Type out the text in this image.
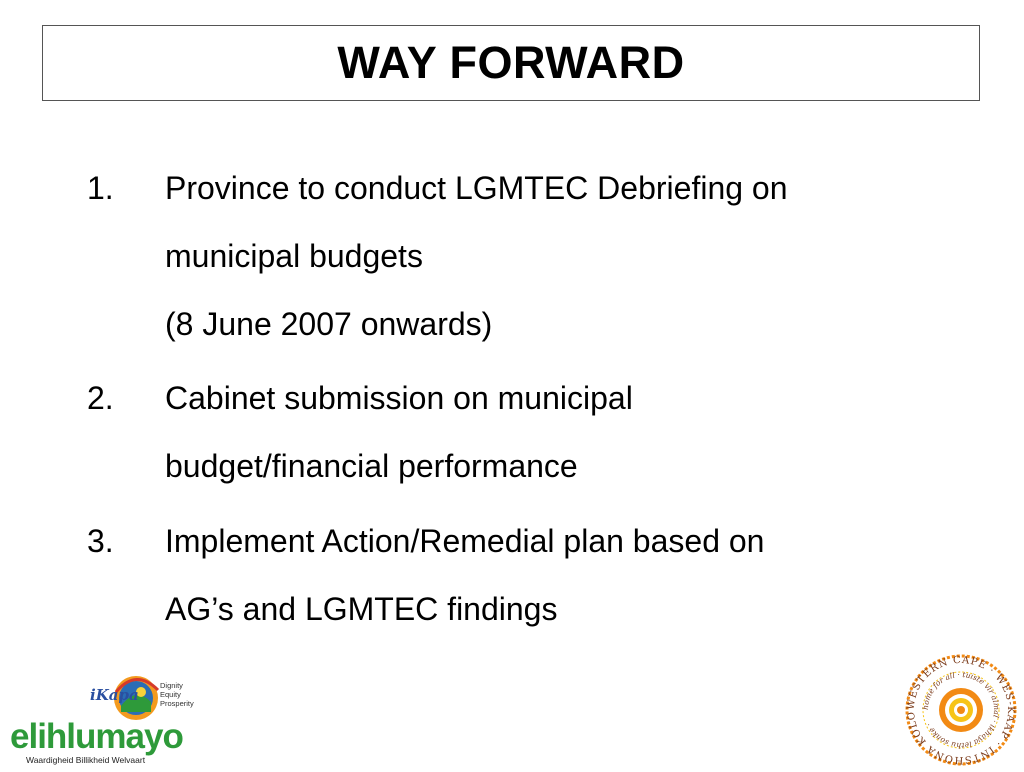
WAY FORWARD
1. Province to conduct LGMTEC Debriefing on
municipal budgets
(8 June 2007 onwards)
2. Cabinet submission on municipal
budget/financial performance
3. Implement Action/Remedial plan based on
AG’s and LGMTEC findings
iKapa
Dignity
Equity
Prosperity
elihlumayo
Waardigheid Billikheid Welvaart
WESTERN CAPE · WES-KAAP · INTSHONA KOLO
home for all · tuiste vir almal · ikhaya lethu sonke ·
